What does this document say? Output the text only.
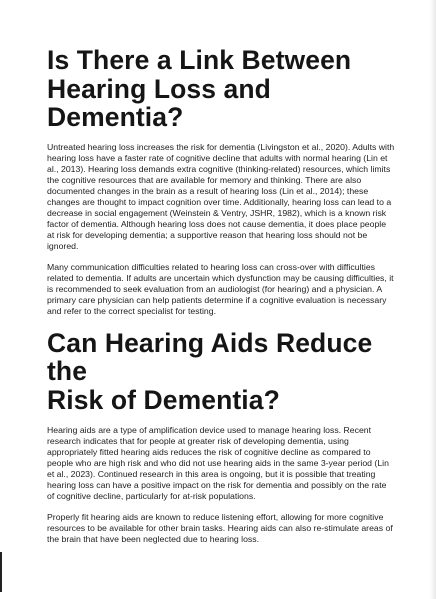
Is There a Link Between
Hearing Loss and Dementia?

Untreated hearing loss increases the risk for dementia (Livingston et al., 2020). Adults with hearing loss have a faster rate of cognitive decline that adults with normal hearing (Lin et al., 2013). Hearing loss demands extra cognitive (thinking-related) resources, which limits the cognitive resources that are available for memory and thinking. There are also documented changes in the brain as a result of hearing loss (Lin et al., 2014); these changes are thought to impact cognition over time. Additionally, hearing loss can lead to a decrease in social engagement (Weinstein & Ventry, JSHR, 1982), which is a known risk factor of dementia. Although hearing loss does not cause dementia, it does place people at risk for developing dementia; a supportive reason that hearing loss should not be ignored.

Many communication difficulties related to hearing loss can cross-over with difficulties related to dementia. If adults are uncertain which dysfunction may be causing difficulties, it is recommended to seek evaluation from an audiologist (for hearing) and a physician. A primary care physician can help patients determine if a cognitive evaluation is necessary and refer to the correct specialist for testing.

Can Hearing Aids Reduce the
Risk of Dementia?

Hearing aids are a type of amplification device used to manage hearing loss. Recent research indicates that for people at greater risk of developing dementia, using appropriately fitted hearing aids reduces the risk of cognitive decline as compared to people who are high risk and who did not use hearing aids in the same 3-year period (Lin et al., 2023). Continued research in this area is ongoing, but it is possible that treating hearing loss can have a positive impact on the risk for dementia and possibly on the rate of cognitive decline, particularly for at-risk populations.

Properly fit hearing aids are known to reduce listening effort, allowing for more cognitive resources to be available for other brain tasks. Hearing aids can also re-stimulate areas of the brain that have been neglected due to hearing loss.
